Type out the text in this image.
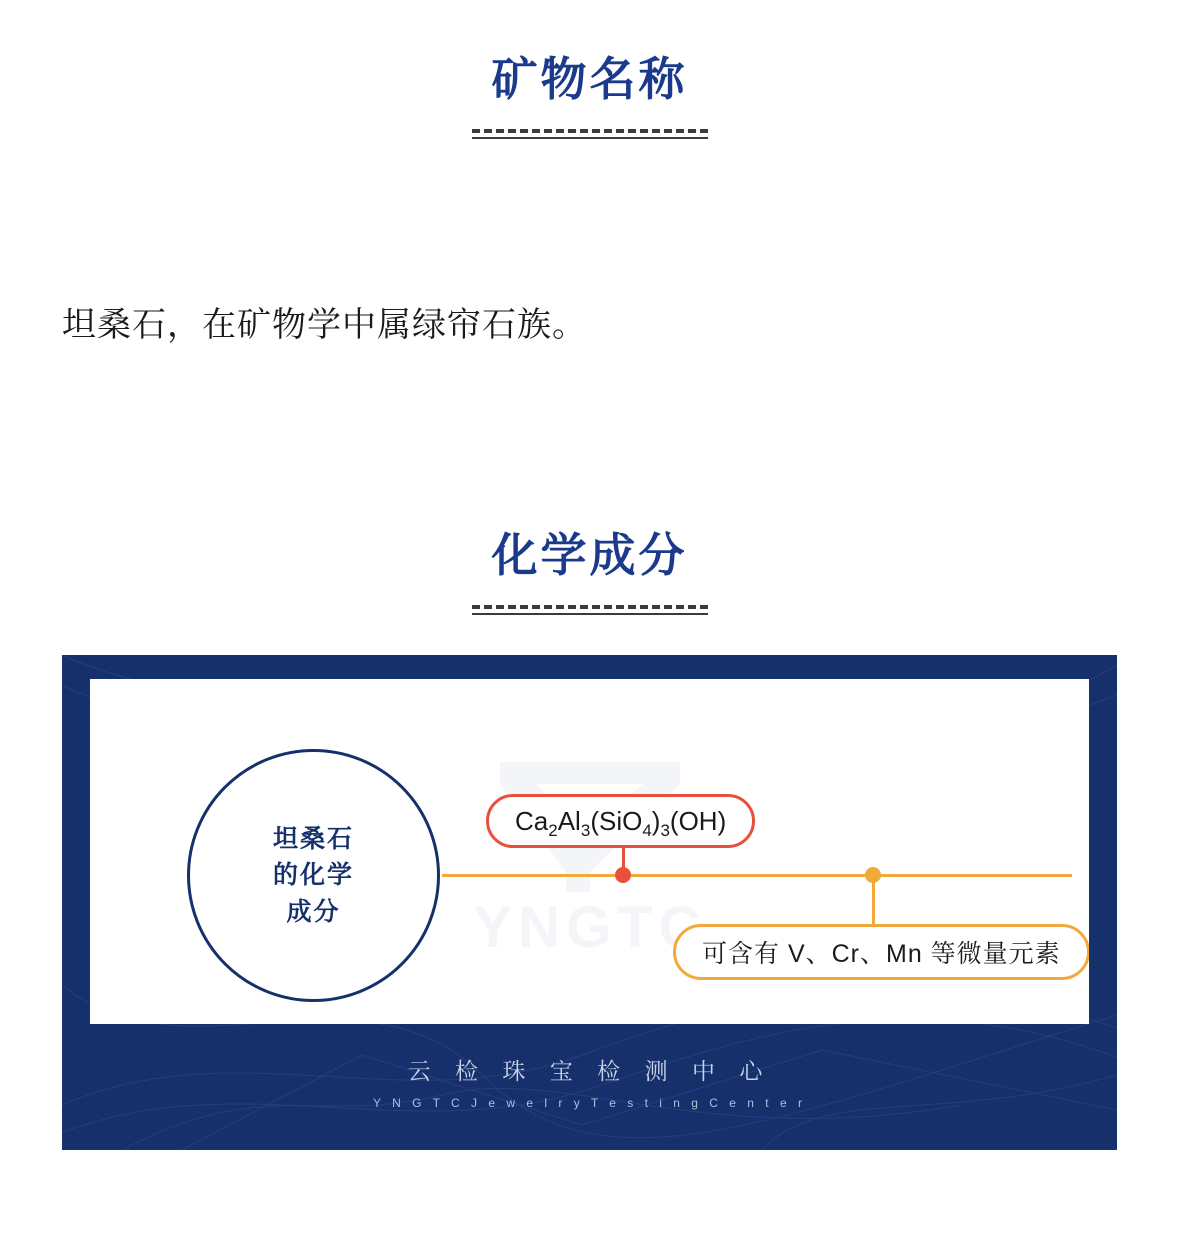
矿物名称
坦桑石，在矿物学中属绿帘石族。
化学成分
YNGTC
坦桑石
的化学
成分
$Ca_2Al_3(SiO_4)_3(OH)$
可含有 V、Cr、Mn 等微量元素
云 检 珠 宝 检 测 中 心
Y N G T C J e w e l r y T e s t i n g C e n t e r
